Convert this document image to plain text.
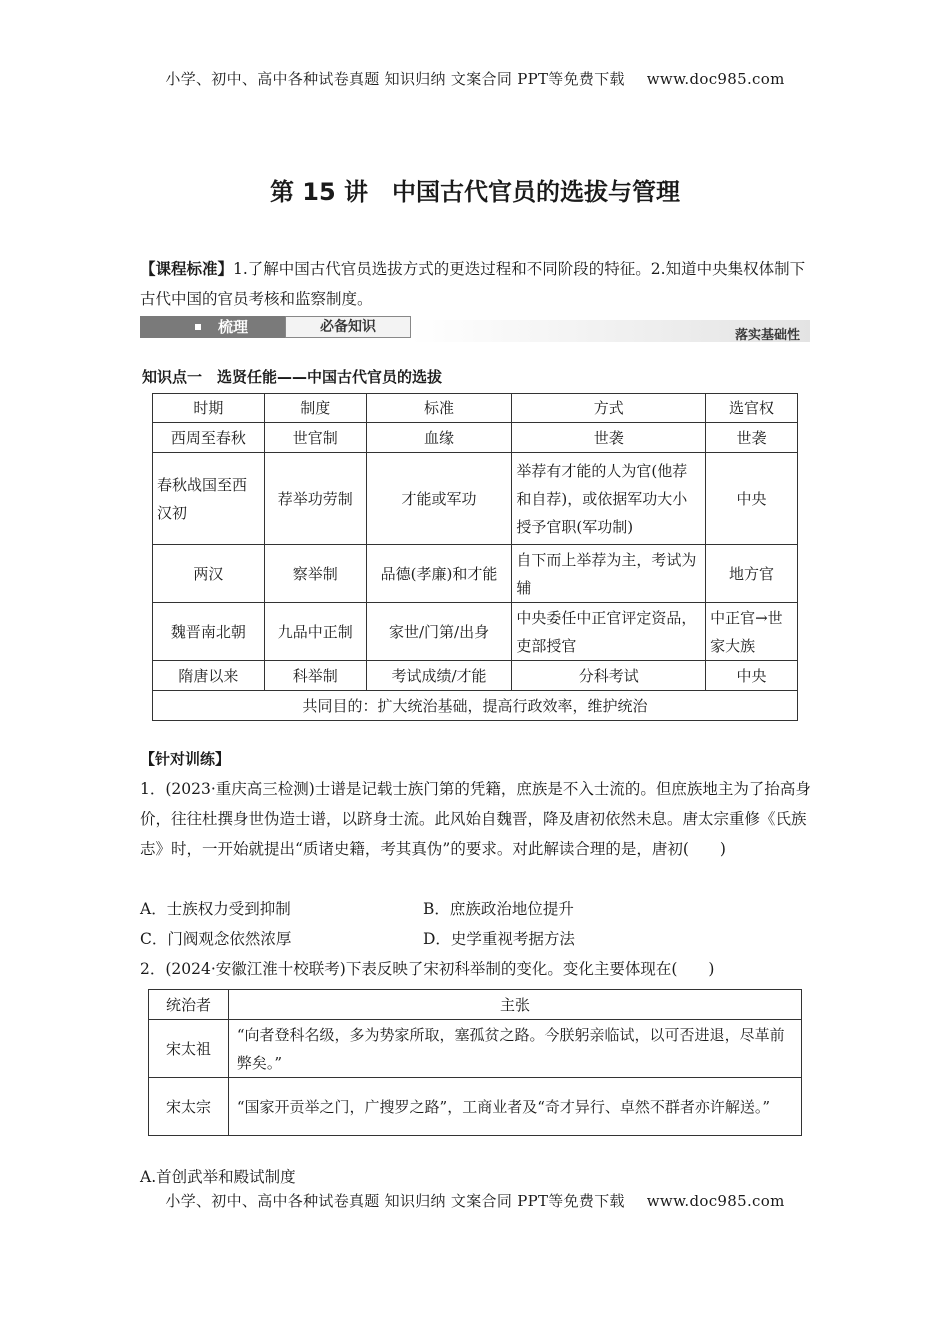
小学、初中、高中各种试卷真题 知识归纳 文案合同 PPT等免费下载 www.doc985.com
第 15 讲　中国古代官员的选拔与管理
【课程标准】1.了解中国古代官员选拔方式的更迭过程和不同阶段的特征。2.知道中央集权体制下古代中国的官员考核和监察制度。
梳理	必备知识
落实基础性
知识点一　选贤任能——中国古代官员的选拔
时期	制度	标准	方式	选官权
西周至春秋	世官制	血缘	世袭	世袭
春秋战国至西汉初	荐举功劳制	才能或军功	举荐有才能的人为官(他荐和自荐)，或依据军功大小授予官职(军功制)	中央
两汉	察举制	品德(孝廉)和才能	自下而上举荐为主，考试为辅	地方官
魏晋南北朝	九品中正制	家世/门第/出身	中央委任中正官评定资品，吏部授官	中正官→世家大族
隋唐以来	科举制	考试成绩/才能	分科考试	中央
共同目的：扩大统治基础，提高行政效率，维护统治				
【针对训练】
1．(2023·重庆高三检测)士谱是记载士族门第的凭籍，庶族是不入士流的。但庶族地主为了抬高身价，往往杜撰身世伪造士谱，以跻身士流。此风始自魏晋，降及唐初依然未息。唐太宗重修《氏族志》时，一开始就提出“质诸史籍，考其真伪”的要求。对此解读合理的是，唐初(　　)
A．士族权力受到抑制	B．庶族政治地位提升
C．门阀观念依然浓厚	D．史学重视考据方法
2．(2024·安徽江淮十校联考)下表反映了宋初科举制的变化。变化主要体现在(　　)
统治者	主张
宋太祖	“向者登科名级，多为势家所取，塞孤贫之路。今朕躬亲临试，以可否进退，尽革前弊矣。”
宋太宗	“国家开贡举之门，广搜罗之路”，工商业者及“奇才异行、卓然不群者亦许解送。”
A.首创武举和殿试制度
小学、初中、高中各种试卷真题 知识归纳 文案合同 PPT等免费下载 www.doc985.com
